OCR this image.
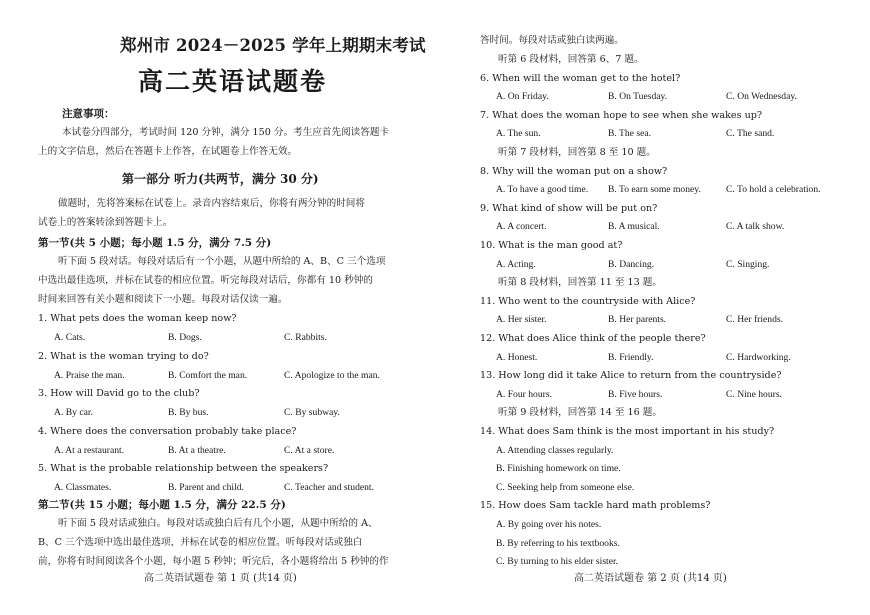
郑州市 2024－2025 学年上期期末考试
高二英语试题卷
注意事项：
本试卷分四部分，考试时间 120 分钟，满分 150 分。考生应首先阅读答题卡
上的文字信息，然后在答题卡上作答，在试题卷上作答无效。
第一部分 听力(共两节，满分 30 分)
做题时，先将答案标在试卷上。录音内容结束后，你将有两分钟的时间将
试卷上的答案转涂到答题卡上。
第一节(共 5 小题；每小题 1.5 分，满分 7.5 分)
听下面 5 段对话。每段对话后有一个小题，从题中所给的 A、B、C 三个选项
中选出最佳选项，并标在试卷的相应位置。听完每段对话后，你都有 10 秒钟的
时间来回答有关小题和阅读下一小题。每段对话仅读一遍。
1. What pets does the woman keep now?
A. Cats.	B. Dogs.	C. Rabbits.
2. What is the woman trying to do?
A. Praise the man.	B. Comfort the man.	C. Apologize to the man.
3. How will David go to the club?
A. By car.	B. By bus.	C. By subway.
4. Where does the conversation probably take place?
A. At a restaurant.	B. At a theatre.	C. At a store.
5. What is the probable relationship between the speakers?
A. Classmates.	B. Parent and child.	C. Teacher and student.
第二节(共 15 小题；每小题 1.5 分，满分 22.5 分)
听下面 5 段对话或独白。每段对话或独白后有几个小题，从题中所给的 A、
B、C 三个选项中选出最佳选项，并标在试卷的相应位置。听每段对话或独白
前，你将有时间阅读各个小题，每小题 5 秒钟；听完后，各小题将给出 5 秒钟的作
高二英语试题卷 第 1 页 (共14 页)
答时间。每段对话或独白读两遍。
听第 6 段材料，回答第 6、7 题。
6. When will the woman get to the hotel?
A. On Friday.	B. On Tuesday.	C. On Wednesday.
7. What does the woman hope to see when she wakes up?
A. The sun.	B. The sea.	C. The sand.
听第 7 段材料，回答第 8 至 10 题。
8. Why will the woman put on a show?
A. To have a good time. B. To earn some money.	C. To hold a celebration.
9. What kind of show will be put on?
A. A concert.	B. A musical.	C. A talk show.
10. What is the man good at?
A. Acting.	B. Dancing.	C. Singing.
听第 8 段材料，回答第 11 至 13 题。
11. Who went to the countryside with Alice?
A. Her sister.	B. Her parents.	C. Her friends.
12. What does Alice think of the people there?
A. Honest.	B. Friendly.	C. Hardworking.
13. How long did it take Alice to return from the countryside?
A. Four hours.	B. Five hours.	C. Nine hours.
听第 9 段材料，回答第 14 至 16 题。
14. What does Sam think is the most important in his study?
A. Attending classes regularly.
B. Finishing homework on time.
C. Seeking help from someone else.
15. How does Sam tackle hard math problems?
A. By going over his notes.
B. By referring to his textbooks.
C. By turning to his elder sister.
高二英语试题卷 第 2 页 (共14 页)
